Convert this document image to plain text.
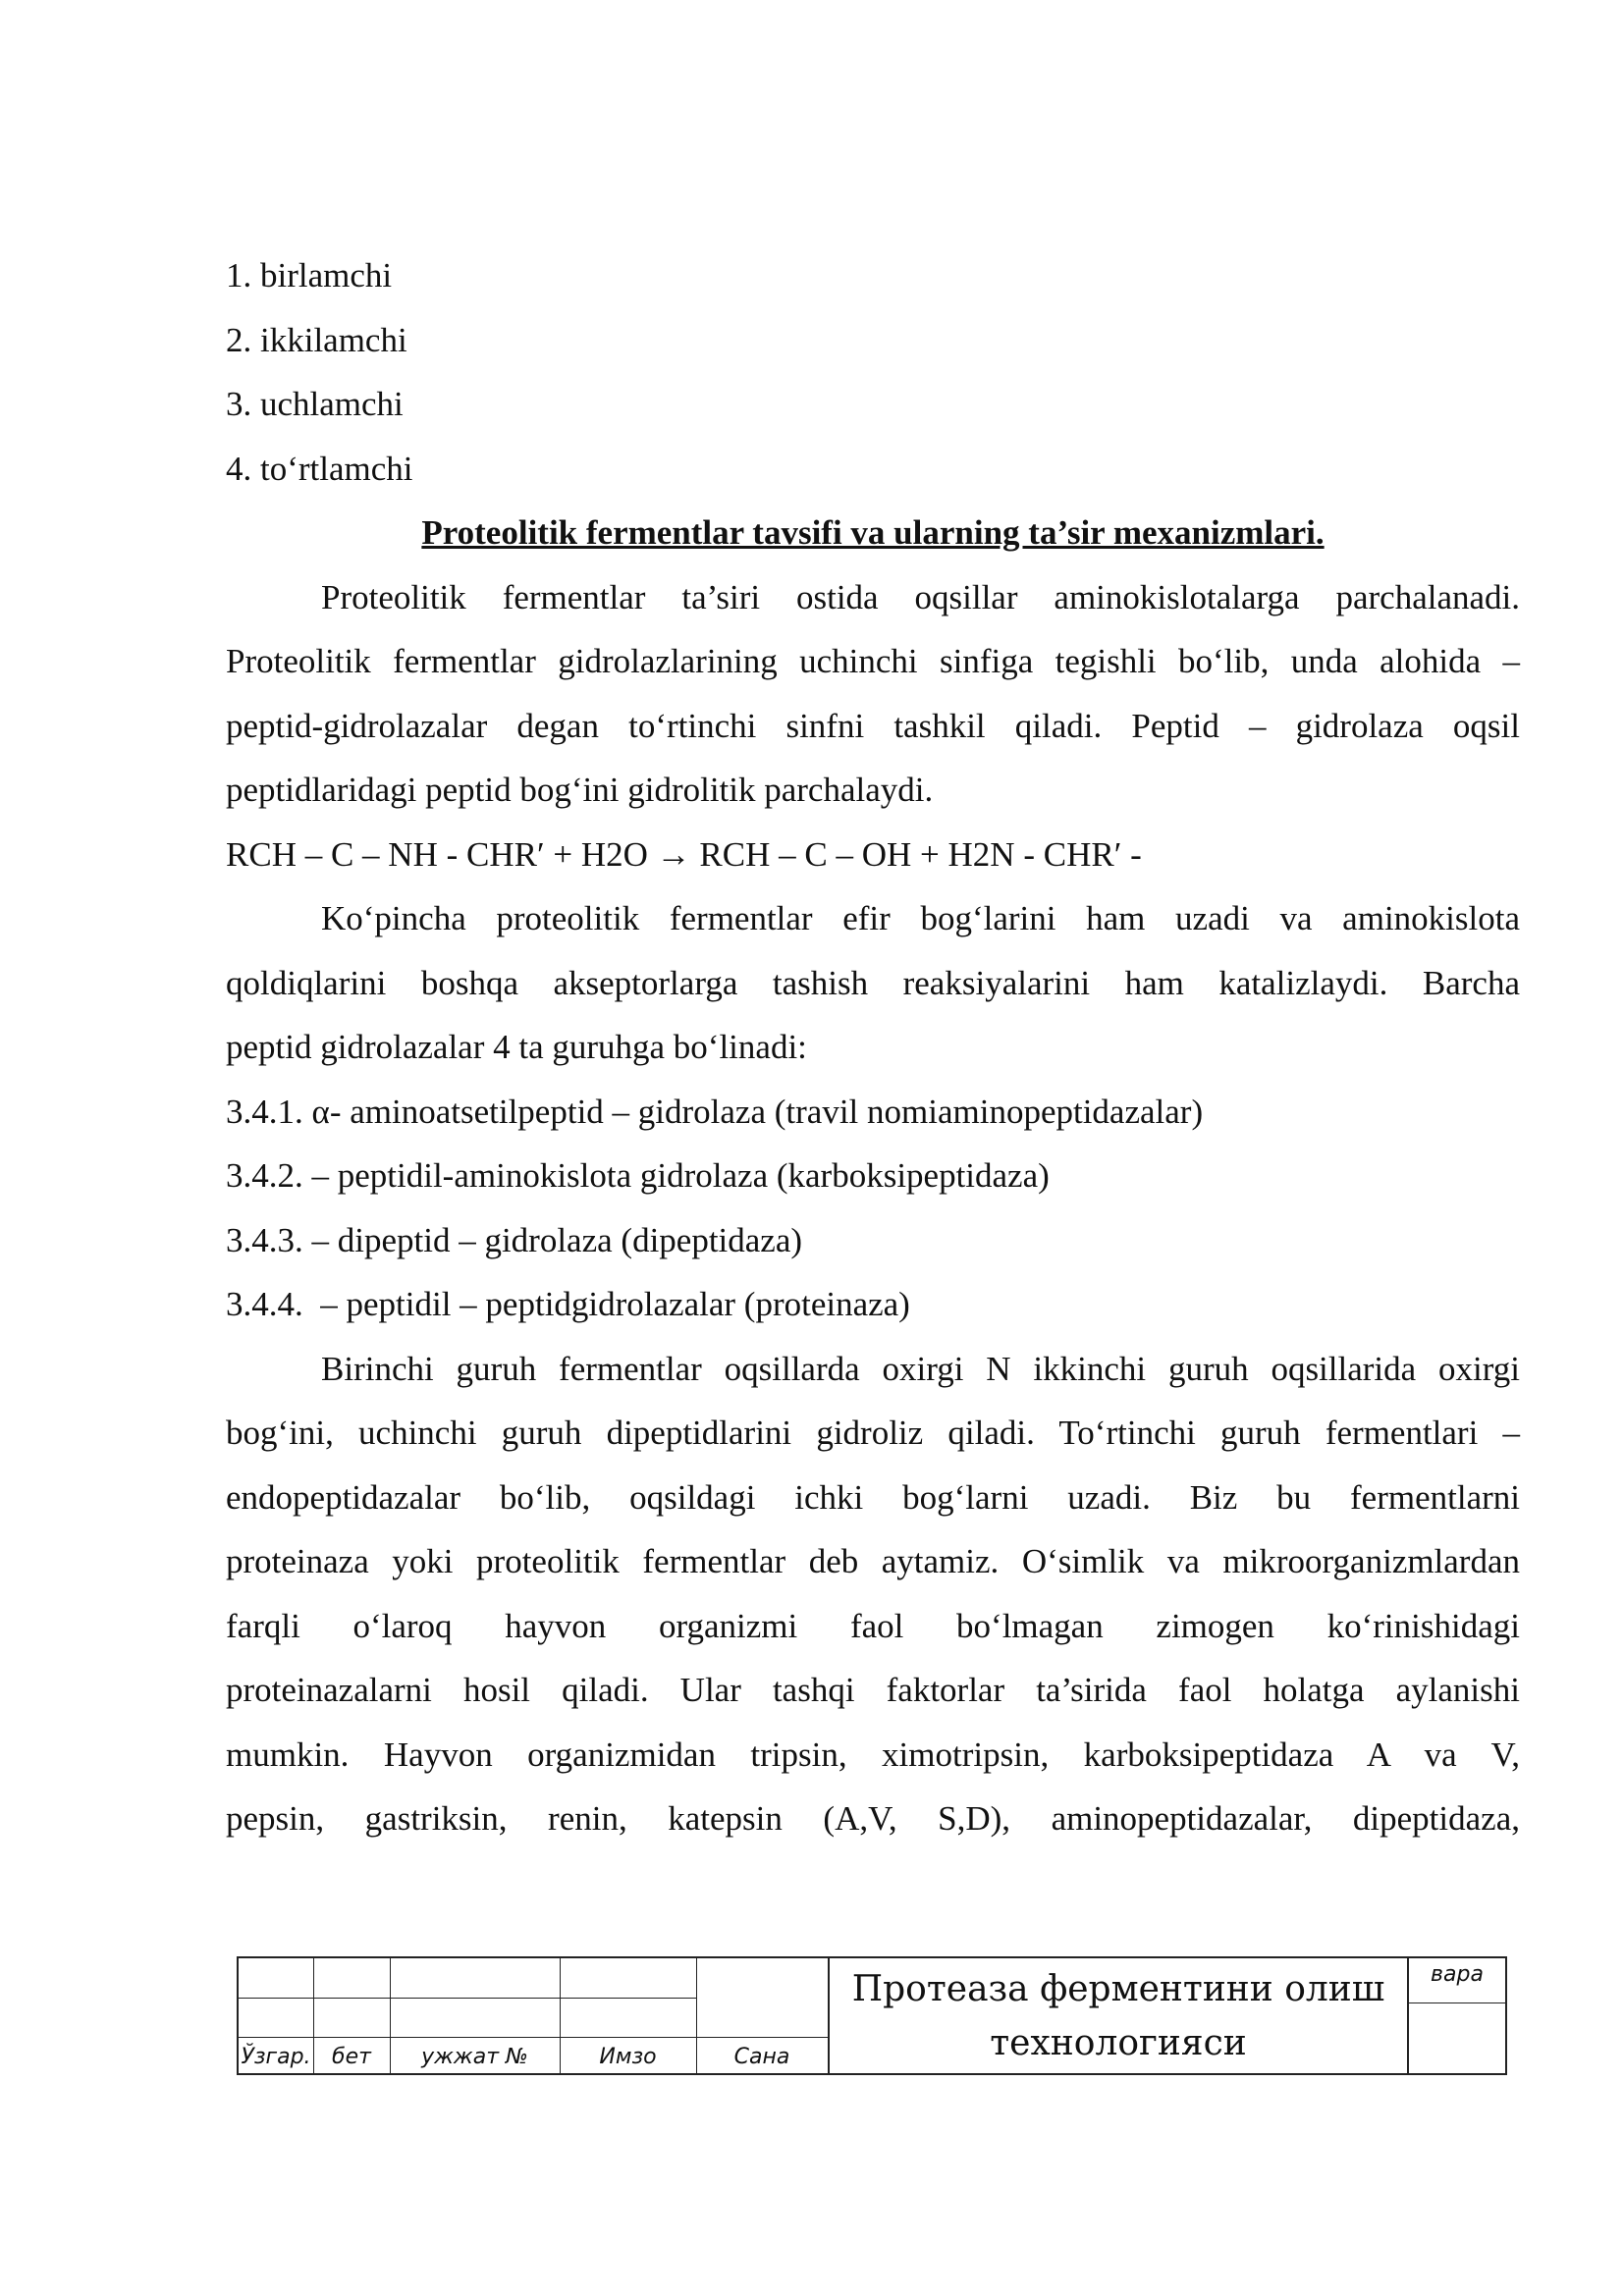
1. birlamchi
2. ikkilamchi
3. uchlamchi
4. to‘rtlamchi
Proteolitik fermentlar tavsifi va ularning ta’sir mexanizmlari.
Proteolitik fermentlar ta’siri ostida oqsillar aminokislotalarga parchalanadi.
Proteolitik fermentlar gidrolazlarining uchinchi sinfiga tegishli bo‘lib, unda alohida –
peptid-gidrolazalar degan to‘rtinchi sinfni tashkil qiladi. Peptid – gidrolaza oqsil
peptidlaridagi peptid bog‘ini gidrolitik parchalaydi.
RCH – C – NH - CHR′ + H2O → RCH – C – OH + H2N - CHR′ -
Ko‘pincha proteolitik fermentlar efir bog‘larini ham uzadi va aminokislota
qoldiqlarini boshqa akseptorlarga tashish reaksiyalarini ham katalizlaydi. Barcha
peptid gidrolazalar 4 ta guruhga bo‘linadi:
3.4.1. α- aminoatsetilpeptid – gidrolaza (travil nomiaminopeptidazalar)
3.4.2. – peptidil-aminokislota gidrolaza (karboksipeptidaza)
3.4.3. – dipeptid – gidrolaza (dipeptidaza)
3.4.4.  – peptidil – peptidgidrolazalar (proteinaza)
Birinchi guruh fermentlar oqsillarda oxirgi N ikkinchi guruh oqsillarida oxirgi
bog‘ini, uchinchi guruh dipeptidlarini gidroliz qiladi. To‘rtinchi guruh fermentlari –
endopeptidazalar bo‘lib, oqsildagi ichki bog‘larni uzadi. Biz bu fermentlarni
proteinaza yoki proteolitik fermentlar deb aytamiz. O‘simlik va mikroorganizmlardan
farqli o‘laroq hayvon organizmi faol bo‘lmagan zimogen ko‘rinishidagi
proteinazalarni hosil qiladi. Ular tashqi faktorlar ta’sirida faol holatga aylanishi
mumkin. Hayvon organizmidan tripsin, ximotripsin, karboksipeptidaza A va V,
pepsin, gastriksin, renin, katepsin (A,V, S,D), aminopeptidazalar, dipeptidaza,
Ўзгар. бет	ужжат №	Имзо	Сана
Протеаза ферментини олиш
технологияси
вара
